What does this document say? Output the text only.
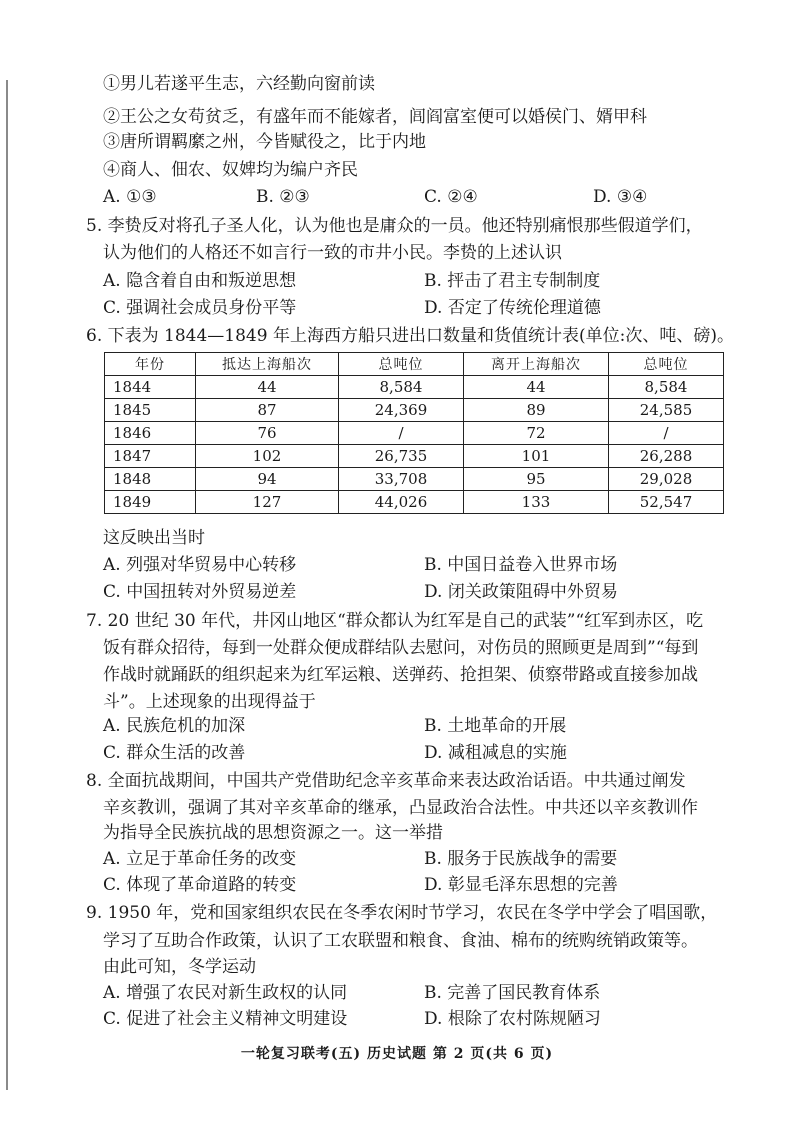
①男儿若遂平生志，六经勤向窗前读
②王公之女苟贫乏，有盛年而不能嫁者，闾阎富室便可以婚侯门、婿甲科
③唐所谓羁縻之州，今皆赋役之，比于内地
④商人、佃农、奴婢均为编户齐民
A. ①③	B. ②③	C. ②④	D. ③④
5. 李贽反对将孔子圣人化，认为他也是庸众的一员。他还特别痛恨那些假道学们，
认为他们的人格还不如言行一致的市井小民。李贽的上述认识
A. 隐含着自由和叛逆思想	B. 抨击了君主专制制度
C. 强调社会成员身份平等	D. 否定了传统伦理道德
6. 下表为 1844—1849 年上海西方船只进出口数量和货值统计表(单位:次、吨、磅)。
年份	抵达上海船次	总吨位	离开上海船次	总吨位
1844	44	8,584	44	8,584
1845	87	24,369	89	24,585
1846	76	/	72	/
1847	102	26,735	101	26,288
1848	94	33,708	95	29,028
1849	127	44,026	133	52,547
这反映出当时
A. 列强对华贸易中心转移	B. 中国日益卷入世界市场
C. 中国扭转对外贸易逆差	D. 闭关政策阻碍中外贸易
7. 20 世纪 30 年代，井冈山地区“群众都认为红军是自己的武装”“红军到赤区，吃
饭有群众招待，每到一处群众便成群结队去慰问，对伤员的照顾更是周到”“每到
作战时就踊跃的组织起来为红军运粮、送弹药、抢担架、侦察带路或直接参加战
斗”。上述现象的出现得益于
A. 民族危机的加深	B. 土地革命的开展
C. 群众生活的改善	D. 减租减息的实施
8. 全面抗战期间，中国共产党借助纪念辛亥革命来表达政治话语。中共通过阐发
辛亥教训，强调了其对辛亥革命的继承，凸显政治合法性。中共还以辛亥教训作
为指导全民族抗战的思想资源之一。这一举措
A. 立足于革命任务的改变	B. 服务于民族战争的需要
C. 体现了革命道路的转变	D. 彰显毛泽东思想的完善
9. 1950 年，党和国家组织农民在冬季农闲时节学习，农民在冬学中学会了唱国歌，
学习了互助合作政策，认识了工农联盟和粮食、食油、棉布的统购统销政策等。
由此可知，冬学运动
A. 增强了农民对新生政权的认同	B. 完善了国民教育体系
C. 促进了社会主义精神文明建设	D. 根除了农村陈规陋习
一轮复习联考(五) 历史试题 第 2 页(共 6 页)
